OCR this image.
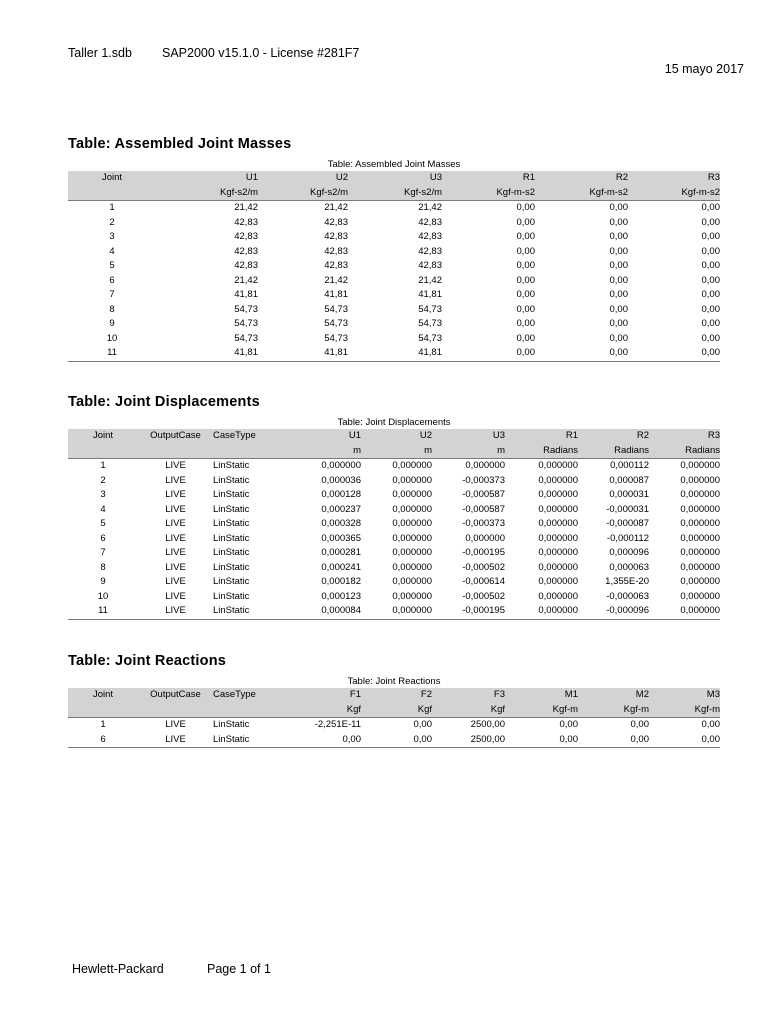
Taller 1.sdb SAP2000 v15.1.0 - License #281F7
15 mayo 2017
Table: Assembled Joint Masses
Table: Assembled Joint Masses
Joint	U1	U2	U3	R1	R2	R3
	Kgf-s2/m	Kgf-s2/m	Kgf-s2/m	Kgf-m-s2	Kgf-m-s2	Kgf-m-s2
1	21,42	21,42	21,42	0,00	0,00	0,00
2	42,83	42,83	42,83	0,00	0,00	0,00
3	42,83	42,83	42,83	0,00	0,00	0,00
4	42,83	42,83	42,83	0,00	0,00	0,00
5	42,83	42,83	42,83	0,00	0,00	0,00
6	21,42	21,42	21,42	0,00	0,00	0,00
7	41,81	41,81	41,81	0,00	0,00	0,00
8	54,73	54,73	54,73	0,00	0,00	0,00
9	54,73	54,73	54,73	0,00	0,00	0,00
10	54,73	54,73	54,73	0,00	0,00	0,00
11	41,81	41,81	41,81	0,00	0,00	0,00
Table: Joint Displacements
Table: Joint Displacements
Joint	OutputCase	CaseType	U1	U2	U3	R1	R2	R3
			m	m	m	Radians	Radians	Radians
1	LIVE	LinStatic	0,000000	0,000000	0,000000	0,000000	0,000112	0,000000
2	LIVE	LinStatic	0,000036	0,000000	-0,000373	0,000000	0,000087	0,000000
3	LIVE	LinStatic	0,000128	0,000000	-0,000587	0,000000	0,000031	0,000000
4	LIVE	LinStatic	0,000237	0,000000	-0,000587	0,000000	-0,000031	0,000000
5	LIVE	LinStatic	0,000328	0,000000	-0,000373	0,000000	-0,000087	0,000000
6	LIVE	LinStatic	0,000365	0,000000	0,000000	0,000000	-0,000112	0,000000
7	LIVE	LinStatic	0,000281	0,000000	-0,000195	0,000000	0,000096	0,000000
8	LIVE	LinStatic	0,000241	0,000000	-0,000502	0,000000	0,000063	0,000000
9	LIVE	LinStatic	0,000182	0,000000	-0,000614	0,000000	1,355E-20	0,000000
10	LIVE	LinStatic	0,000123	0,000000	-0,000502	0,000000	-0,000063	0,000000
11	LIVE	LinStatic	0,000084	0,000000	-0,000195	0,000000	-0,000096	0,000000
Table: Joint Reactions
Table: Joint Reactions
Joint	OutputCase	CaseType	F1	F2	F3	M1	M2	M3
			Kgf	Kgf	Kgf	Kgf-m	Kgf-m	Kgf-m
1	LIVE	LinStatic	-2,251E-11	0,00	2500,00	0,00	0,00	0,00
6	LIVE	LinStatic	0,00	0,00	2500,00	0,00	0,00	0,00
Hewlett-Packard	Page 1 of 1
